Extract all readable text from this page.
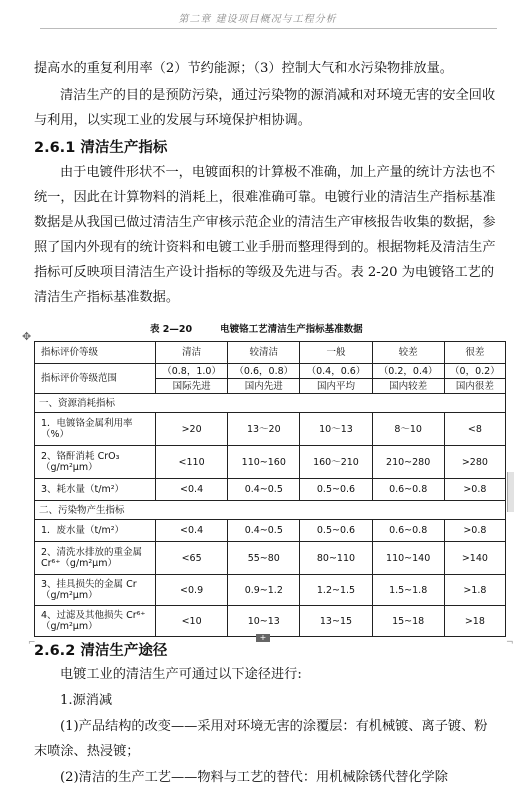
第二章 建设项目概况与工程分析
提高水的重复利用率（2）节约能源；（3）控制大气和水污染物排放量。
清洁生产的目的是预防污染，通过污染物的源消减和对环境无害的安全回收与利用，以实现工业的发展与环境保护相协调。
2.6.1 清洁生产指标
由于电镀件形状不一，电镀面积的计算极不准确，加上产量的统计方法也不统一，因此在计算物料的消耗上，很难准确可靠。电镀行业的清洁生产指标基准数据是从我国已做过清洁生产审核示范企业的清洁生产审核报告收集的数据，参照了国内外现有的统计资料和电镀工业手册而整理得到的。根据物耗及清洁生产指标可反映项目清洁生产设计指标的等级及先进与否。表 2-20 为电镀铬工艺的清洁生产指标基准数据。
✥
表 2—20	电镀铬工艺清洁生产指标基准数据
指标评价等级	清洁	较清洁	一般	较差	很差
指标评价等级范围	（0.8，1.0）	（0.6，0.8）	（0.4，0.6）	（0.2，0.4）	（0，0.2）
	国际先进	国内先进	国内平均	国内较差	国内很差
一、资源消耗指标					
1．电镀铬金属利用率（%）	>20	13～20	10～13	8～10	<8
2、铬酐消耗 CrO₃（g/m²μm）	<110	110~160	160～210	210~280	>280
3、耗水量（t/m²）	<0.4	0.4~0.5	0.5~0.6	0.6~0.8	>0.8
二、污染物产生指标					
1．废水量（t/m²）	<0.4	0.4~0.5	0.5~0.6	0.6~0.8	>0.8
2、清洗水排放的重金属 Cr⁶⁺（g/m²μm）	<65	55~80	80~110	110~140	>140
3、挂具损失的金属 Cr（g/m²μm）	<0.9	0.9~1.2	1.2~1.5	1.5~1.8	>1.8
4、过滤及其他损失 Cr⁶⁺（g/m²μm）	<10	10~13	13~15	15~18	>18
+
⌐	¬
2.6.2 清洁生产途径
电镀工业的清洁生产可通过以下途径进行:
1.源消减
(1)产品结构的改变——采用对环境无害的涂覆层：有机械镀、离子镀、粉末喷涂、热浸镀；
(2)清洁的生产工艺——物料与工艺的替代：用机械除锈代替化学除
